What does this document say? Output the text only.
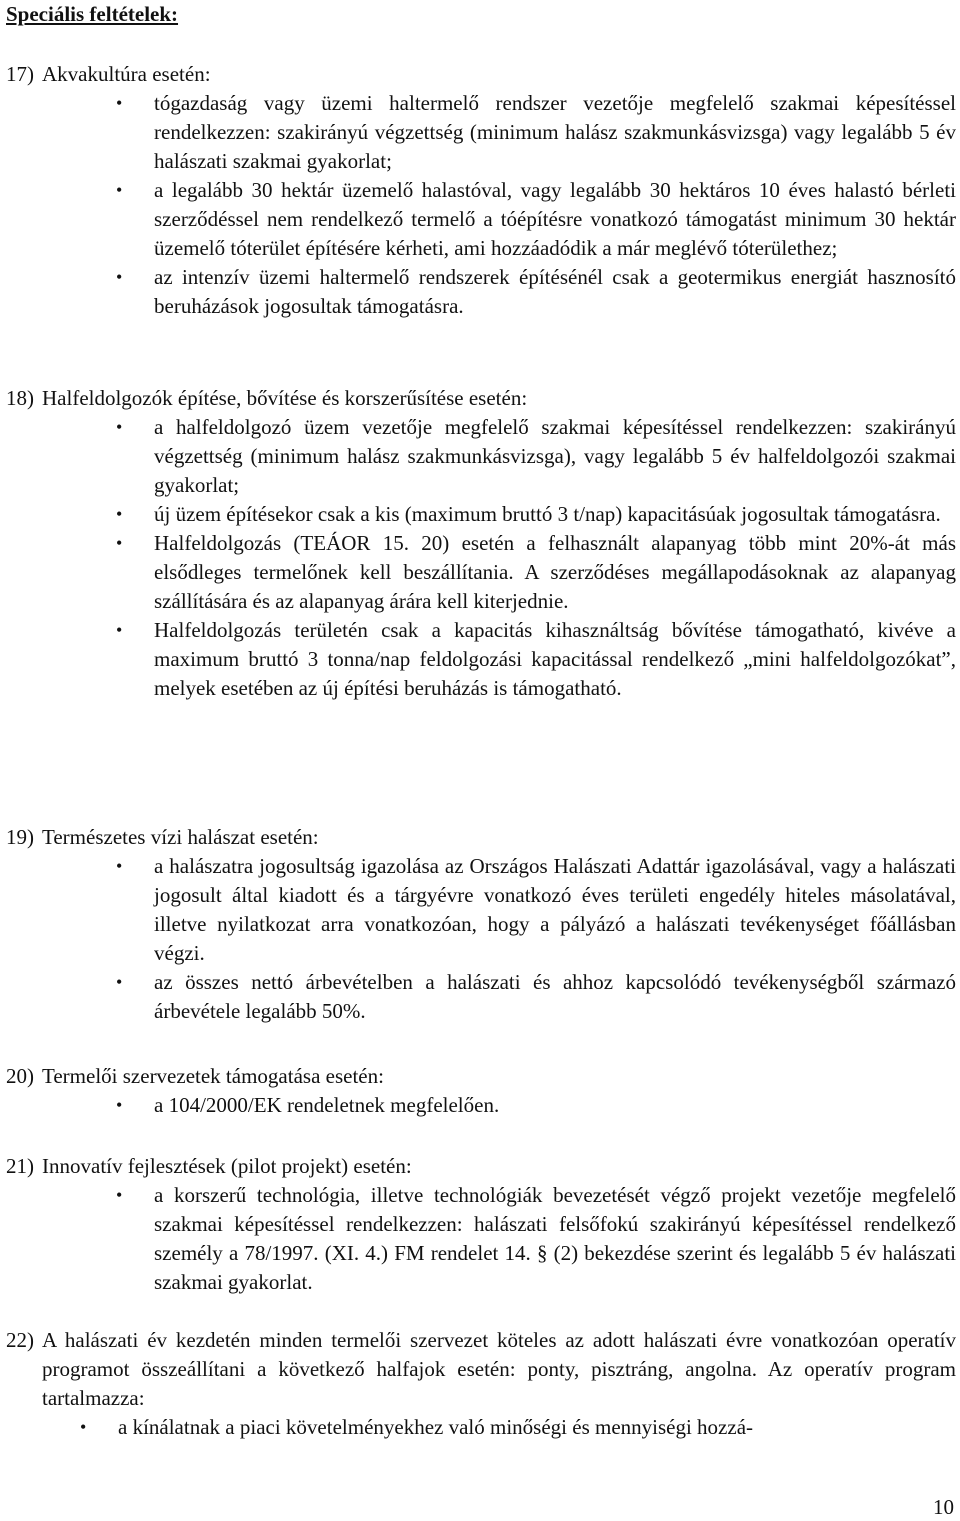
Speciális feltételek:
17) Akvakultúra esetén:
• tógazdaság vagy üzemi haltermelő rendszer vezetője megfelelő szakmai képesítéssel rendelkezzen: szakirányú végzettség (minimum halász szakmunkásvizsga) vagy legalább 5 év halászati szakmai gyakorlat;
• a legalább 30 hektár üzemelő halastóval, vagy legalább 30 hektáros 10 éves halastó bérleti szerződéssel nem rendelkező termelő a tóépítésre vonatkozó támogatást minimum 30 hektár üzemelő tóterület építésére kérheti, ami hozzáadódik a már meglévő tóterülethez;
• az intenzív üzemi haltermelő rendszerek építésénél csak a geotermikus energiát hasznosító beruházások jogosultak támogatásra.
18) Halfeldolgozók építése, bővítése és korszerűsítése esetén:
• a halfeldolgozó üzem vezetője megfelelő szakmai képesítéssel rendelkezzen: szakirányú végzettség (minimum halász szakmunkásvizsga), vagy legalább 5 év halfeldolgozói szakmai gyakorlat;
• új üzem építésekor csak a kis (maximum bruttó 3 t/nap) kapacitásúak jogosultak támogatásra.
• Halfeldolgozás (TEÁOR 15. 20) esetén a felhasznált alapanyag több mint 20%-át más elsődleges termelőnek kell beszállítania. A szerződéses megállapodásoknak az alapanyag szállítására és az alapanyag árára kell kiterjednie.
• Halfeldolgozás területén csak a kapacitás kihasználtság bővítése támogatható, kivéve a maximum bruttó 3 tonna/nap feldolgozási kapacitással rendelkező „mini halfeldolgozókat”, melyek esetében az új építési beruházás is támogatható.
19) Természetes vízi halászat esetén:
• a halászatra jogosultság igazolása az Országos Halászati Adattár igazolásával, vagy a halászati jogosult által kiadott és a tárgyévre vonatkozó éves területi engedély hiteles másolatával, illetve nyilatkozat arra vonatkozóan, hogy a pályázó a halászati tevékenységet főállásban végzi.
• az összes nettó árbevételben a halászati és ahhoz kapcsolódó tevékenységből származó árbevétele legalább 50%.
20) Termelői szervezetek támogatása esetén:
• a 104/2000/EK rendeletnek megfelelően.
21) Innovatív fejlesztések (pilot projekt) esetén:
• a korszerű technológia, illetve technológiák bevezetését végző projekt vezetője megfelelő szakmai képesítéssel rendelkezzen: halászati felsőfokú szakirányú képesítéssel rendelkező személy a 78/1997. (XI. 4.) FM rendelet 14. § (2) bekezdése szerint és legalább 5 év halászati szakmai gyakorlat.
22) A halászati év kezdetén minden termelői szervezet köteles az adott halászati évre vonatkozóan operatív programot összeállítani a következő halfajok esetén: ponty, pisztráng, angolna. Az operatív program tartalmazza:
• a kínálatnak a piaci követelményekhez való minőségi és mennyiségi hozzá-
10
